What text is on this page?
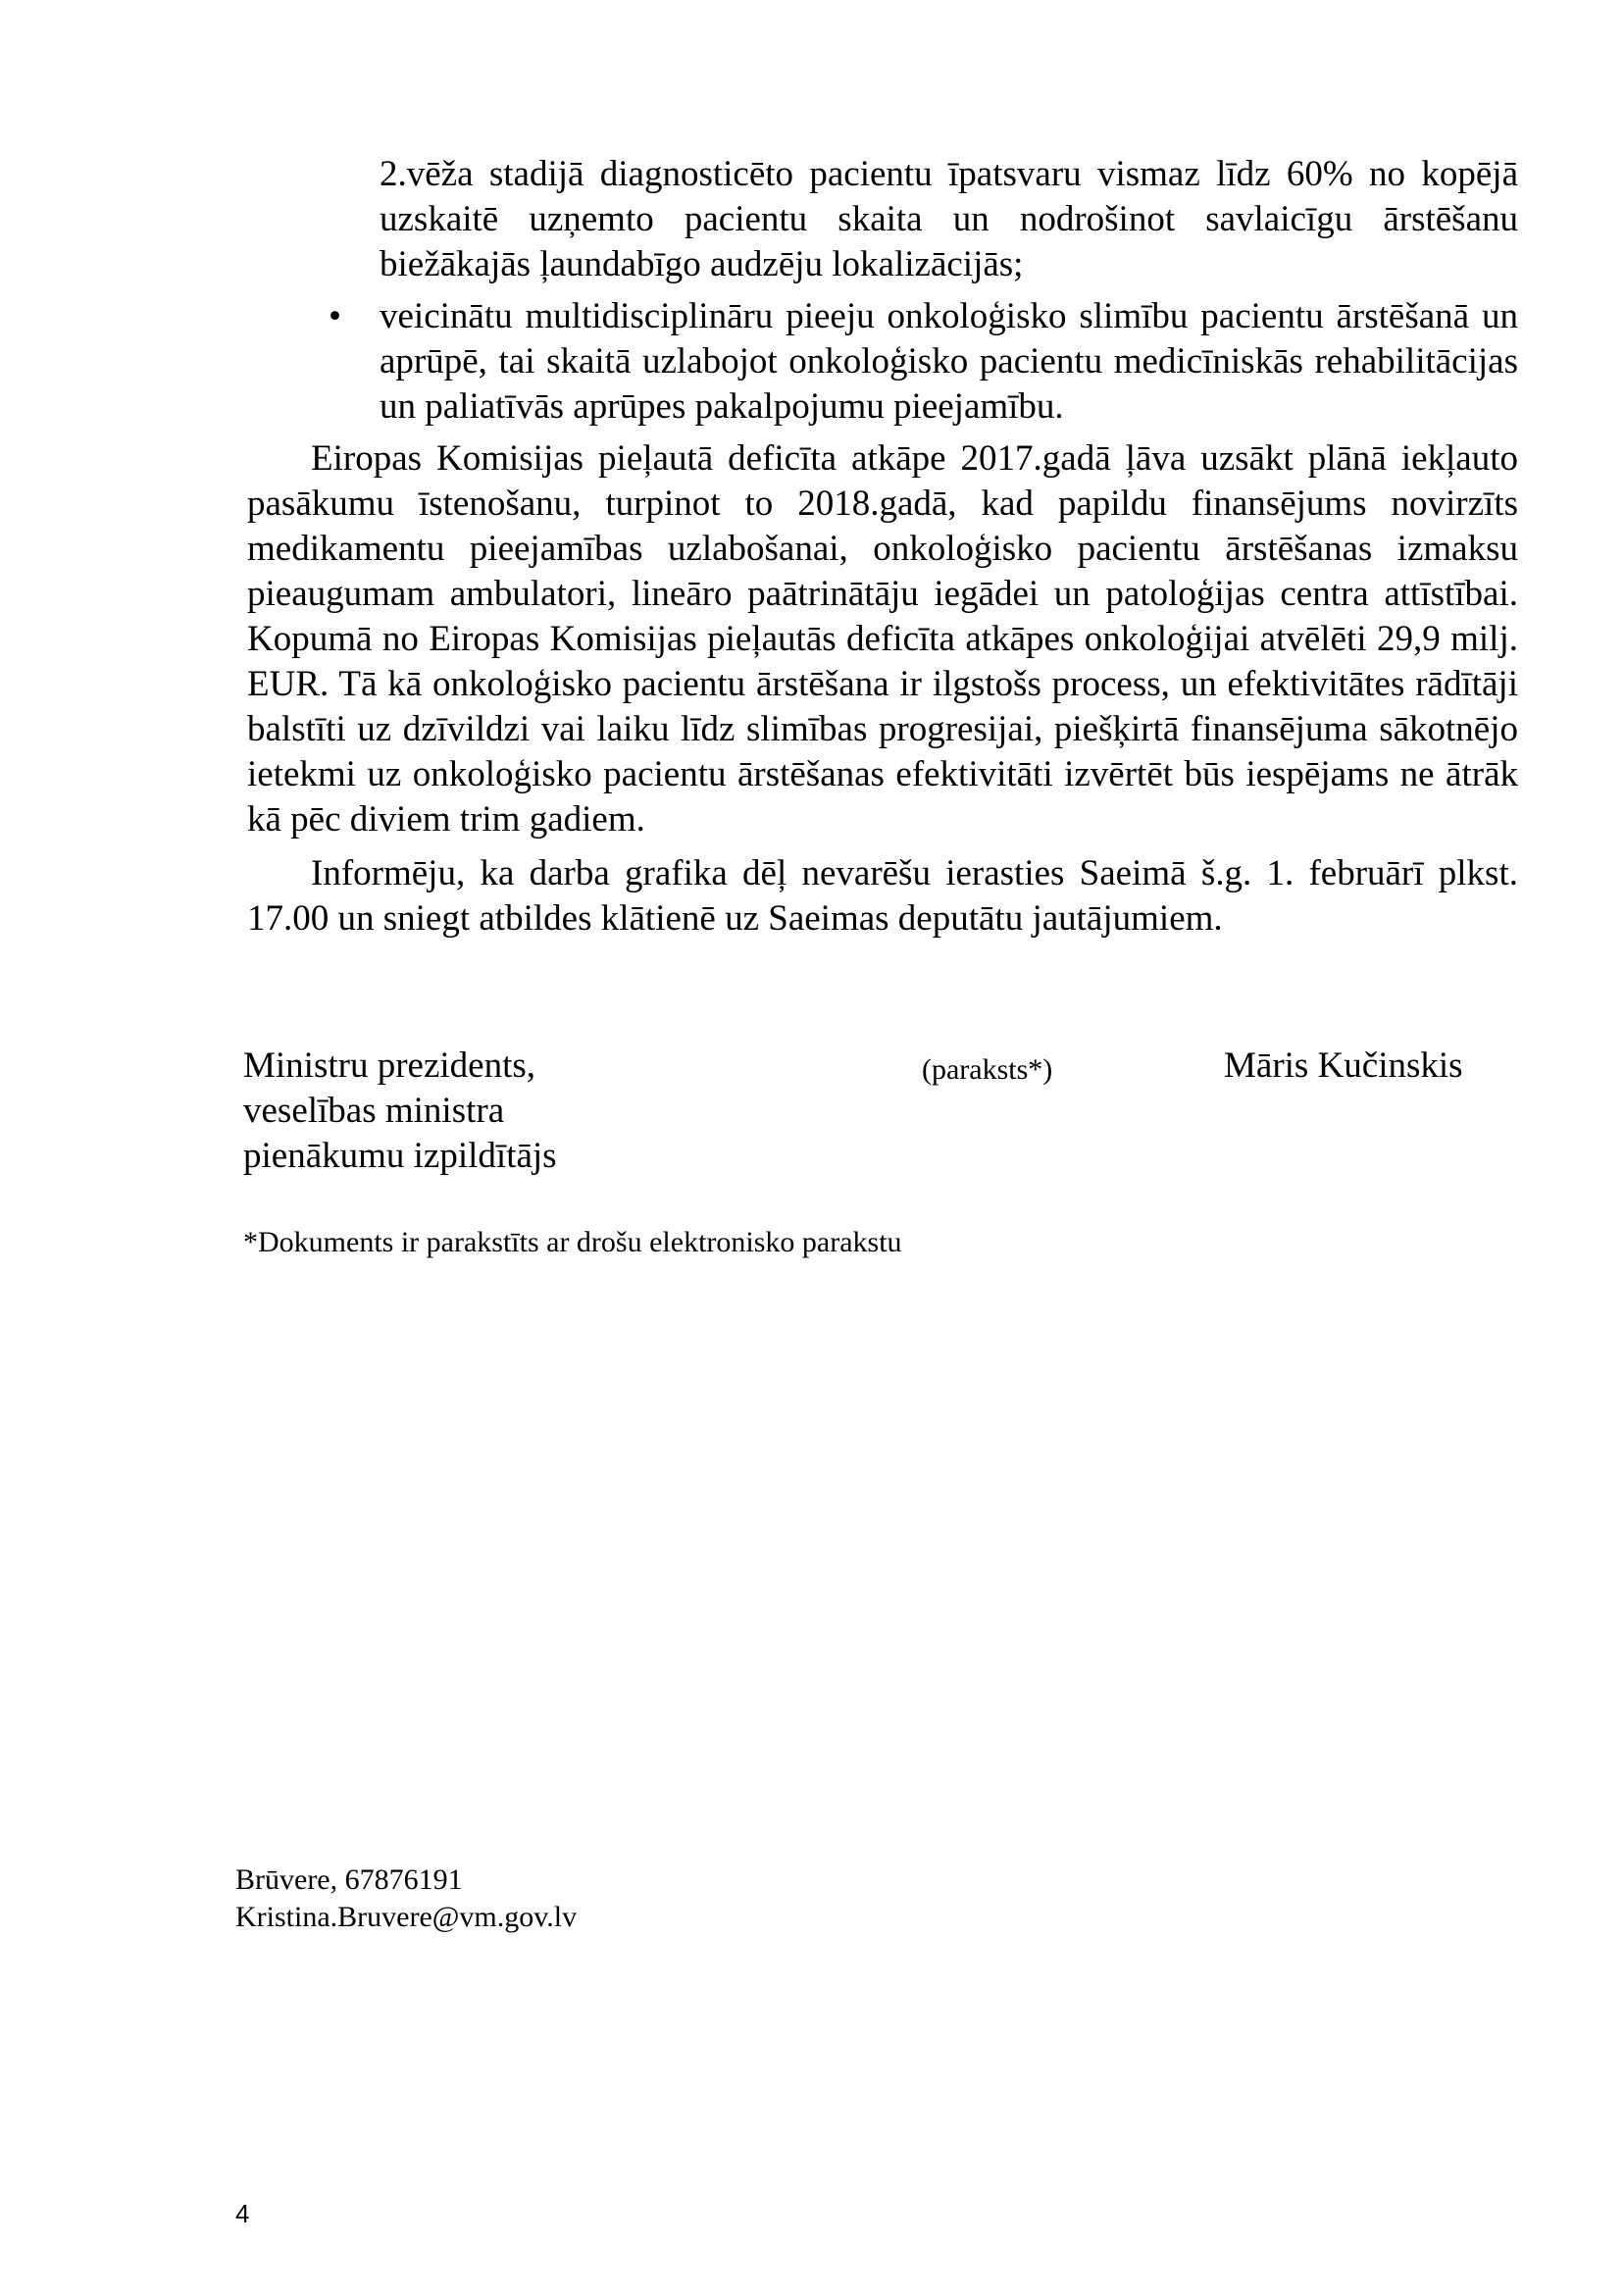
2.vēža stadijā diagnosticēto pacientu īpatsvaru vismaz līdz 60% no kopējā uzskaitē uzņemto pacientu skaita un nodrošinot savlaicīgu ārstēšanu biežākajās ļaundabīgo audzēju lokalizācijās;
•	veicinātu multidisciplināru pieeju onkoloģisko slimību pacientu ārstēšanā un aprūpē, tai skaitā uzlabojot onkoloģisko pacientu medicīniskās rehabilitācijas un paliatīvās aprūpes pakalpojumu pieejamību.

Eiropas Komisijas pieļautā deficīta atkāpe 2017.gadā ļāva uzsākt plānā iekļauto pasākumu īstenošanu, turpinot to 2018.gadā, kad papildu finansējums novirzīts medikamentu pieejamības uzlabošanai, onkoloģisko pacientu ārstēšanas izmaksu pieaugumam ambulatori, lineāro paātrinātāju iegādei un patoloģijas centra attīstībai. Kopumā no Eiropas Komisijas pieļautās deficīta atkāpes onkoloģijai atvēlēti 29,9 milj. EUR. Tā kā onkoloģisko pacientu ārstēšana ir ilgstošs process, un efektivitātes rādītāji balstīti uz dzīvildzi vai laiku līdz slimības progresijai, piešķirtā finansējuma sākotnējo ietekmi uz onkoloģisko pacientu ārstēšanas efektivitāti izvērtēt būs iespējams ne ātrāk kā pēc diviem trim gadiem.

Informēju, ka darba grafika dēļ nevarēšu ierasties Saeimā š.g. 1. februārī plkst. 17.00 un sniegt atbildes klātienē uz Saeimas deputātu jautājumiem.

Ministru prezidents,
veselības ministra
pienākumu izpildītājs
(paraksts*)	Māris Kučinskis
*Dokuments ir parakstīts ar drošu elektronisko parakstu
Brūvere, 67876191
Kristina.Bruvere@vm.gov.lv
4
